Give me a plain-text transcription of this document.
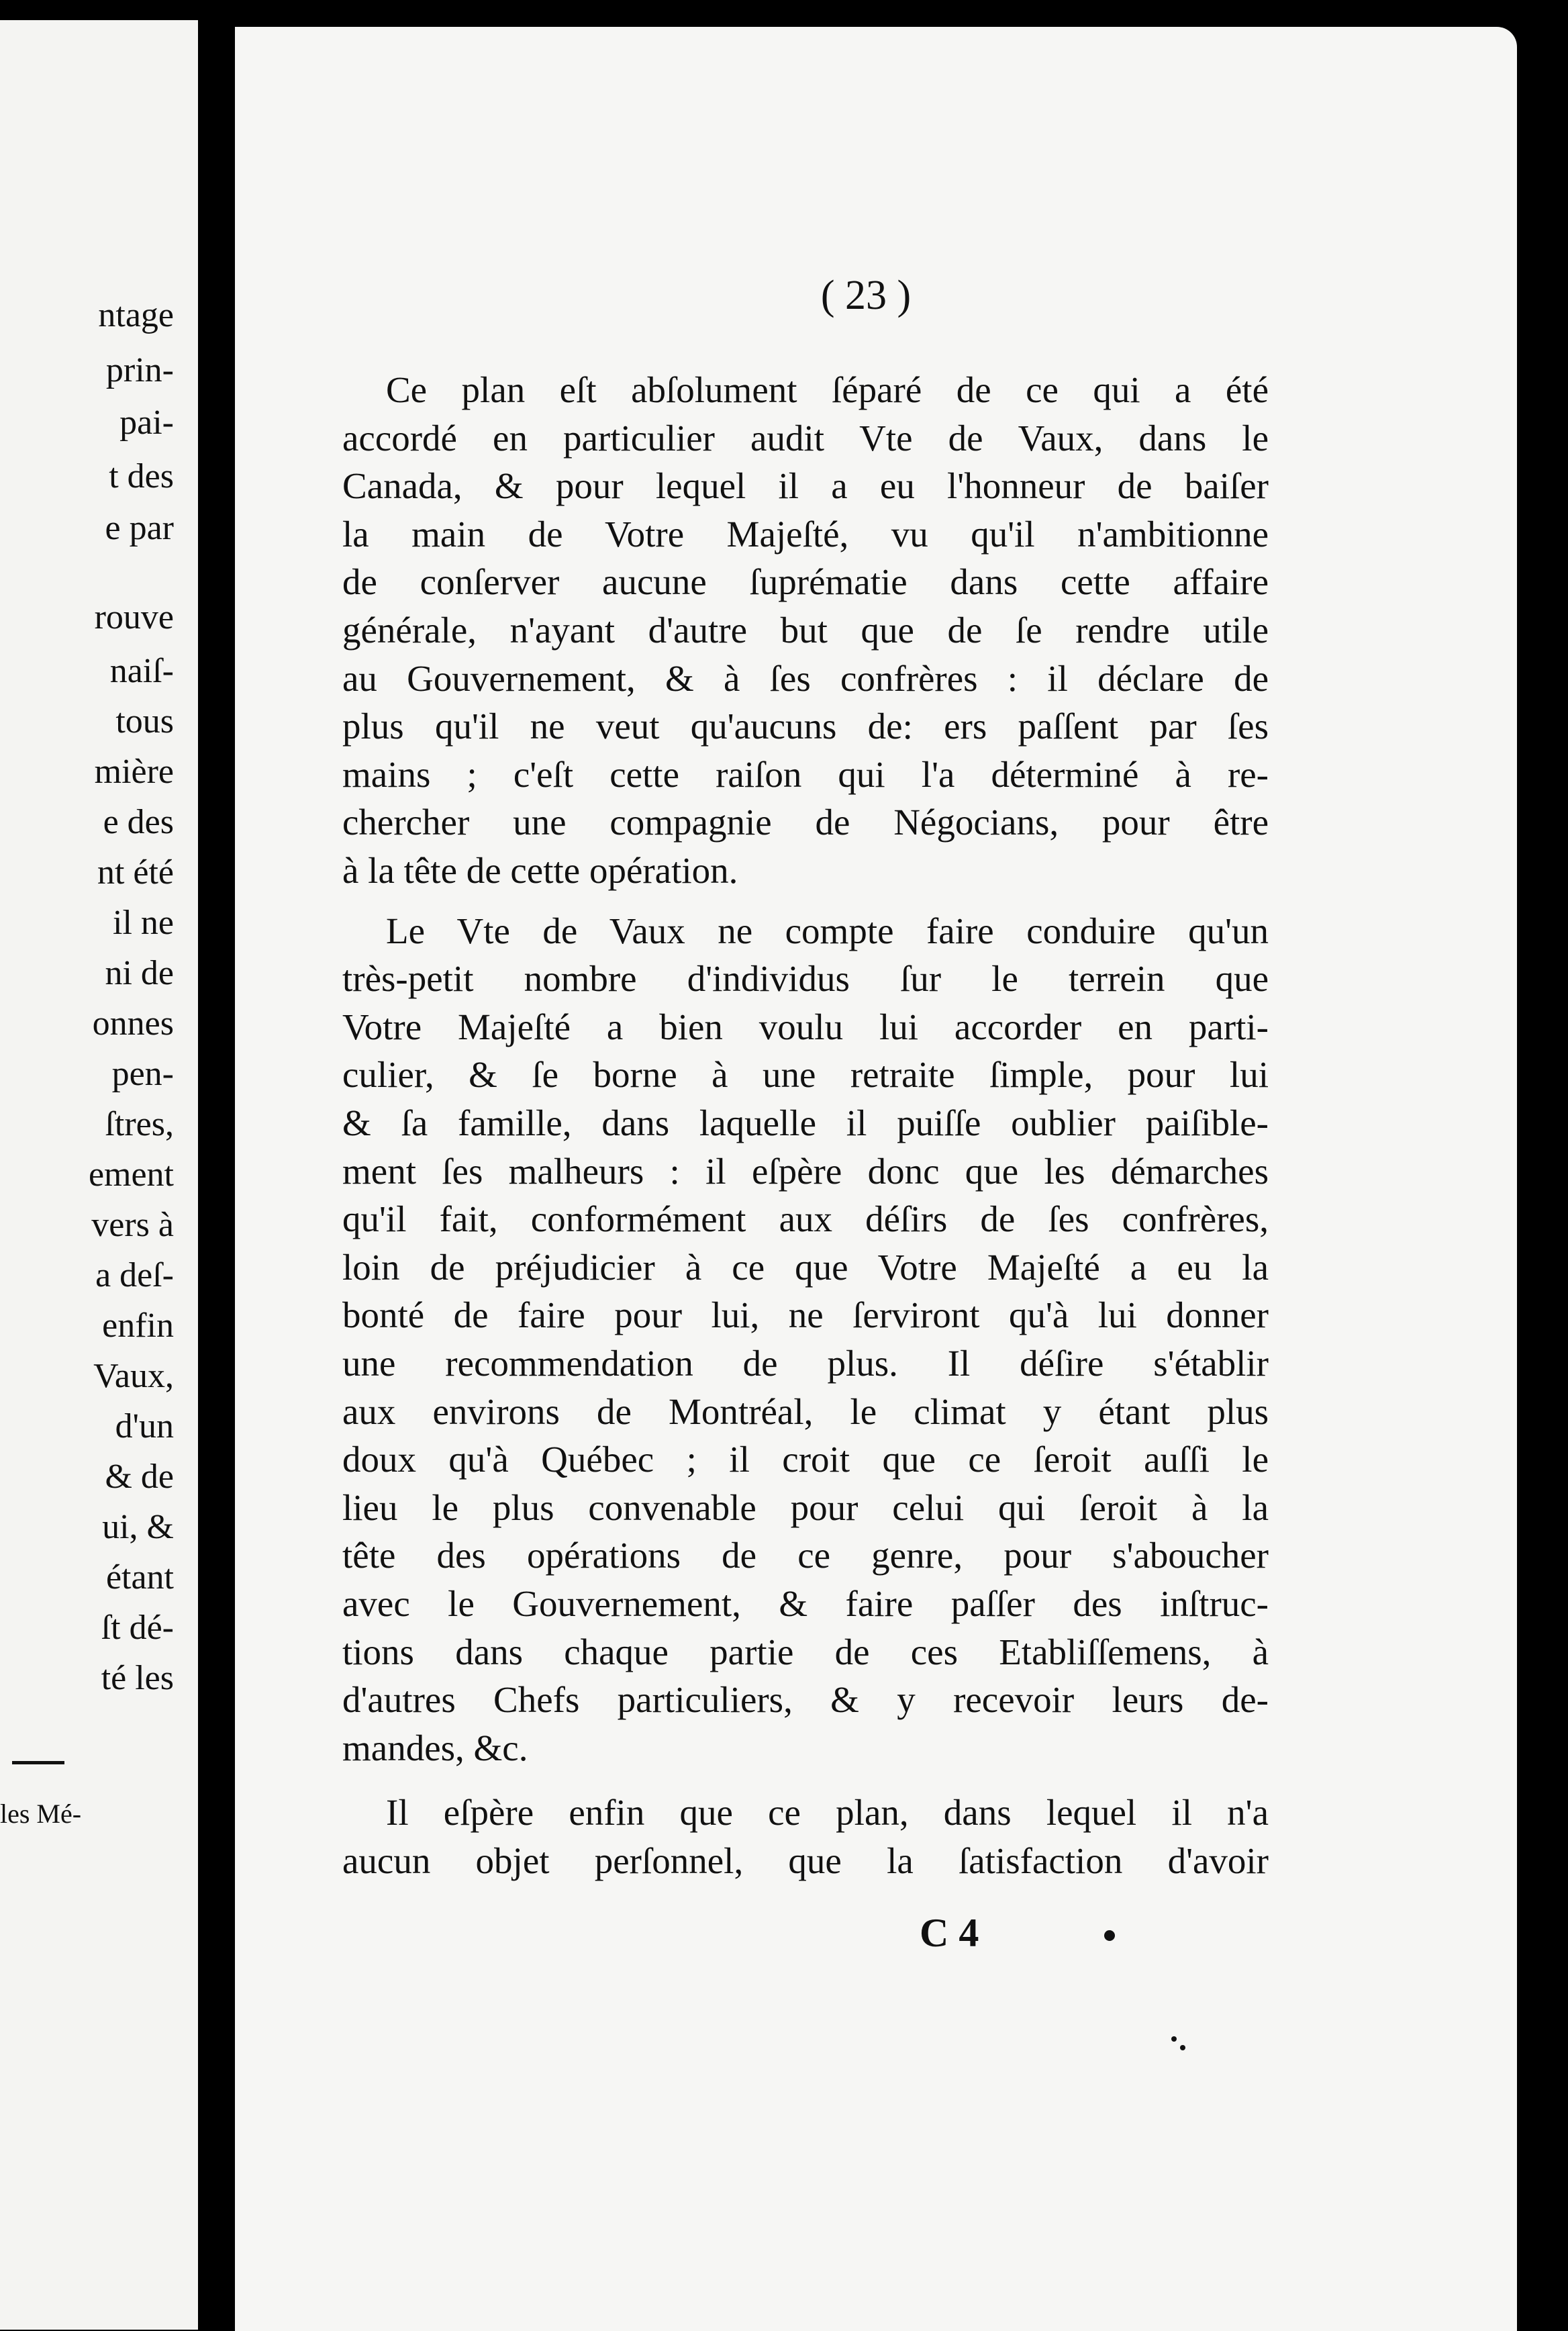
ntage
prin-
pai-
t des
e par
rouve
naiſ-
tous
mière
e des
nt été
il ne
ni de
onnes
pen-
ſtres,
ement
vers à
a deſ-
enfin
Vaux,
d'un
& de
ui, &
étant
ſt dé-
té les
les Mé-
( 23 )
Ce plan eſt abſolument ſéparé de ce qui a été
accordé en particulier audit Vte de Vaux, dans le
Canada, & pour lequel il a eu l'honneur de baiſer
la main de Votre Majeſté, vu qu'il n'ambitionne
de conſerver aucune ſuprématie dans cette affaire
générale, n'ayant d'autre but que de ſe rendre utile
au Gouvernement, & à ſes confrères : il déclare de
plus qu'il ne veut qu'aucuns de: ers paſſent par ſes
mains ; c'eſt cette raiſon qui l'a déterminé à re-
chercher une compagnie de Négocians, pour être
à la tête de cette opération.
Le Vte de Vaux ne compte faire conduire qu'un
très-petit nombre d'individus ſur le terrein que
Votre Majeſté a bien voulu lui accorder en parti-
culier, & ſe borne à une retraite ſimple, pour lui
& ſa famille, dans laquelle il puiſſe oublier paiſible-
ment ſes malheurs : il eſpère donc que les démarches
qu'il fait, conformément aux déſirs de ſes confrères,
loin de préjudicier à ce que Votre Majeſté a eu la
bonté de faire pour lui, ne ſerviront qu'à lui donner
une recommendation de plus. Il déſire s'établir
aux environs de Montréal, le climat y étant plus
doux qu'à Québec ; il croit que ce ſeroit auſſi le
lieu le plus convenable pour celui qui ſeroit à la
tête des opérations de ce genre, pour s'aboucher
avec le Gouvernement, & faire paſſer des inſtruc-
tions dans chaque partie de ces Etabliſſemens, à
d'autres Chefs particuliers, & y recevoir leurs de-
mandes, &c.
Il eſpère enfin que ce plan, dans lequel il n'a
aucun objet perſonnel, que la ſatisfaction d'avoir
C 4
